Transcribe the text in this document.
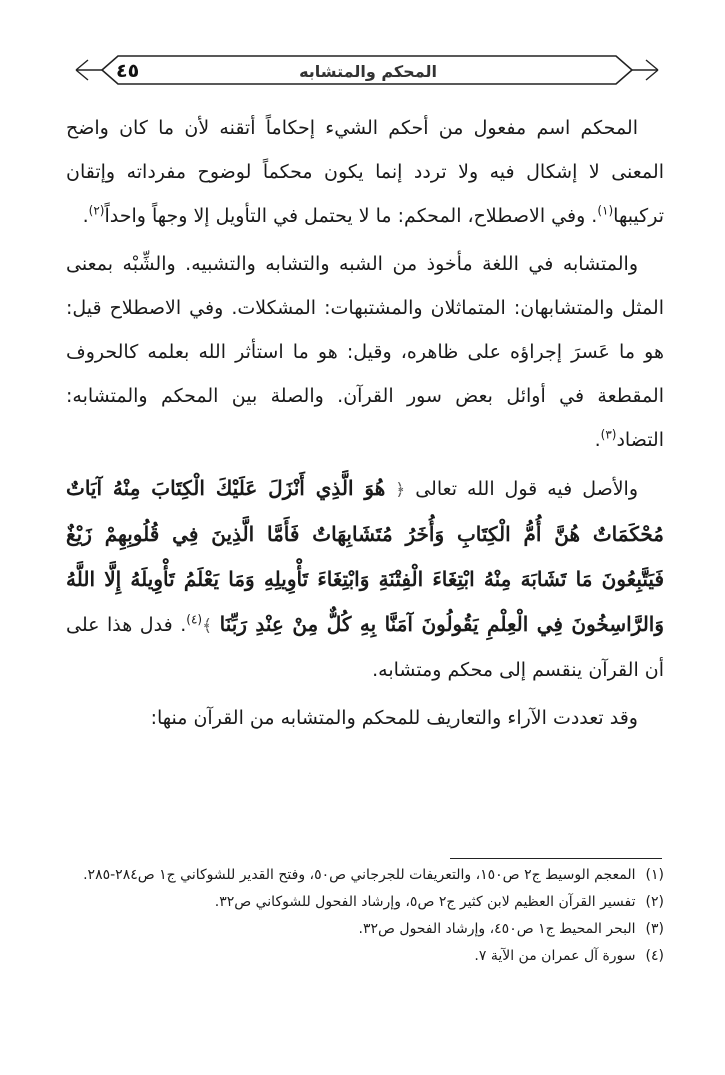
٤٥	المحكم والمتشابه

المحكم اسم مفعول من أحكم الشيء إحكاماً أتقنه لأن ما كان واضح المعنى لا إشكال فيه ولا تردد إنما يكون محكماً لوضوح مفرداته وإتقان تركيبها$^{(١)}$. وفي الاصطلاح، المحكم: ما لا يحتمل في التأويل إلا وجهاً واحداً$^{(٢)}$.

والمتشابه في اللغة مأخوذ من الشبه والتشابه والتشبيه. والشِّبْه بمعنى المثل والمتشابهان: المتماثلان والمشتبهات: المشكلات. وفي الاصطلاح قيل: هو ما عَسرَ إجراؤه على ظاهره، وقيل: هو ما استأثر الله بعلمه كالحروف المقطعة في أوائل بعض سور القرآن. والصلة بين المحكم والمتشابه: التضاد$^{(٣)}$.

والأصل فيه قول الله تعالى ﴿ هُوَ الَّذِي أَنْزَلَ عَلَيْكَ الْكِتَابَ مِنْهُ آيَاتٌ مُحْكَمَاتٌ هُنَّ أُمُّ الْكِتَابِ وَأُخَرُ مُتَشَابِهَاتٌ فَأَمَّا الَّذِينَ فِي قُلُوبِهِمْ زَيْغٌ فَيَتَّبِعُونَ مَا تَشَابَهَ مِنْهُ ابْتِغَاءَ الْفِتْنَةِ وَابْتِغَاءَ تَأْوِيلِهِ وَمَا يَعْلَمُ تَأْوِيلَهُ إِلَّا اللَّهُ وَالرَّاسِخُونَ فِي الْعِلْمِ يَقُولُونَ آمَنَّا بِهِ كُلٌّ مِنْ عِنْدِ رَبِّنَا ﴾$^{(٤)}$. فدل هذا على أن القرآن ينقسم إلى محكم ومتشابه.

وقد تعددت الآراء والتعاريف للمحكم والمتشابه من القرآن منها:

(١)
المعجم الوسيط ج٢ ص١٥٠، والتعريفات للجرجاني ص٥٠، وفتح القدير للشوكاني ج١ ص٢٨٤-٢٨٥.
(٢)
تفسير القرآن العظيم لابن كثير ج٢ ص٥، وإرشاد الفحول للشوكاني ص٣٢.
(٣)
البحر المحيط ج١ ص٤٥٠، وإرشاد الفحول ص٣٢.
(٤)
سورة آل عمران من الآية ٧.
